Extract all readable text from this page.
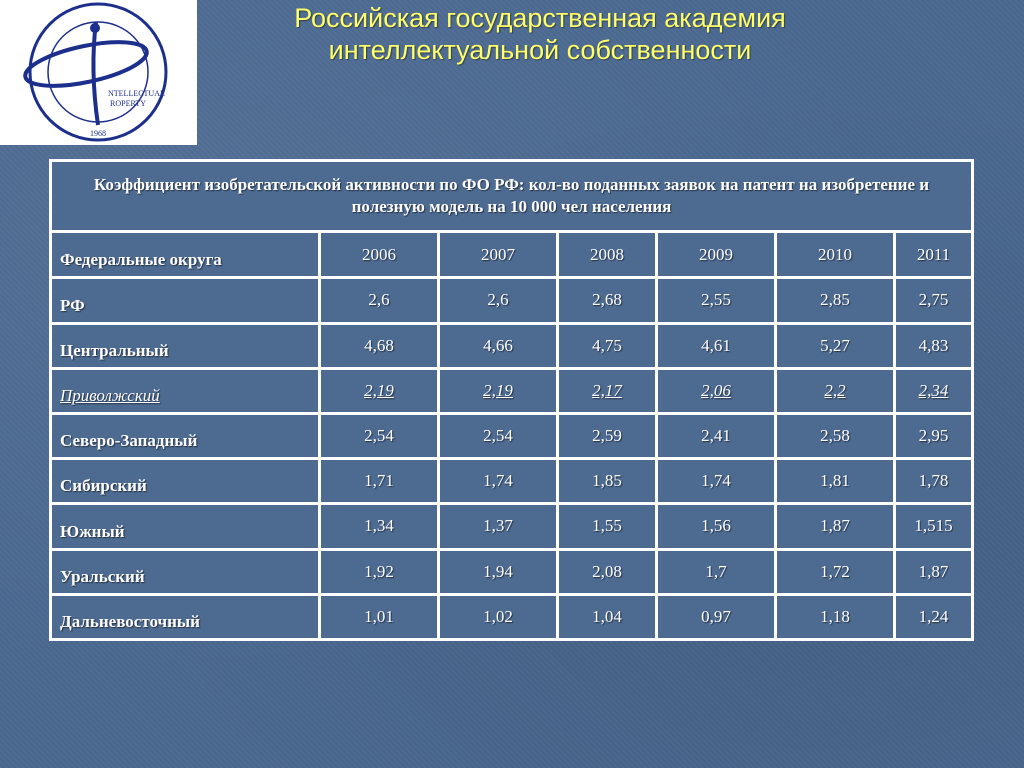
NTELLECTUAL
ROPERTY
1968
Российская государственная академия
интеллектуальной собственности
Коэффициент изобретательской активности по ФО РФ: кол-во поданных заявок на патент на изобретение и полезную модель на 10 000 чел населения						
Федеральные округа	2006	2007	2008	2009	2010	2011
РФ	2,6	2,6	2,68	2,55	2,85	2,75
Центральный	4,68	4,66	4,75	4,61	5,27	4,83
Приволжский	2,19	2,19	2,17	2,06	2,2	2,34
Северо-Западный	2,54	2,54	2,59	2,41	2,58	2,95
Сибирский	1,71	1,74	1,85	1,74	1,81	1,78
Южный	1,34	1,37	1,55	1,56	1,87	1,515
Уральский	1,92	1,94	2,08	1,7	1,72	1,87
Дальневосточный	1,01	1,02	1,04	0,97	1,18	1,24
